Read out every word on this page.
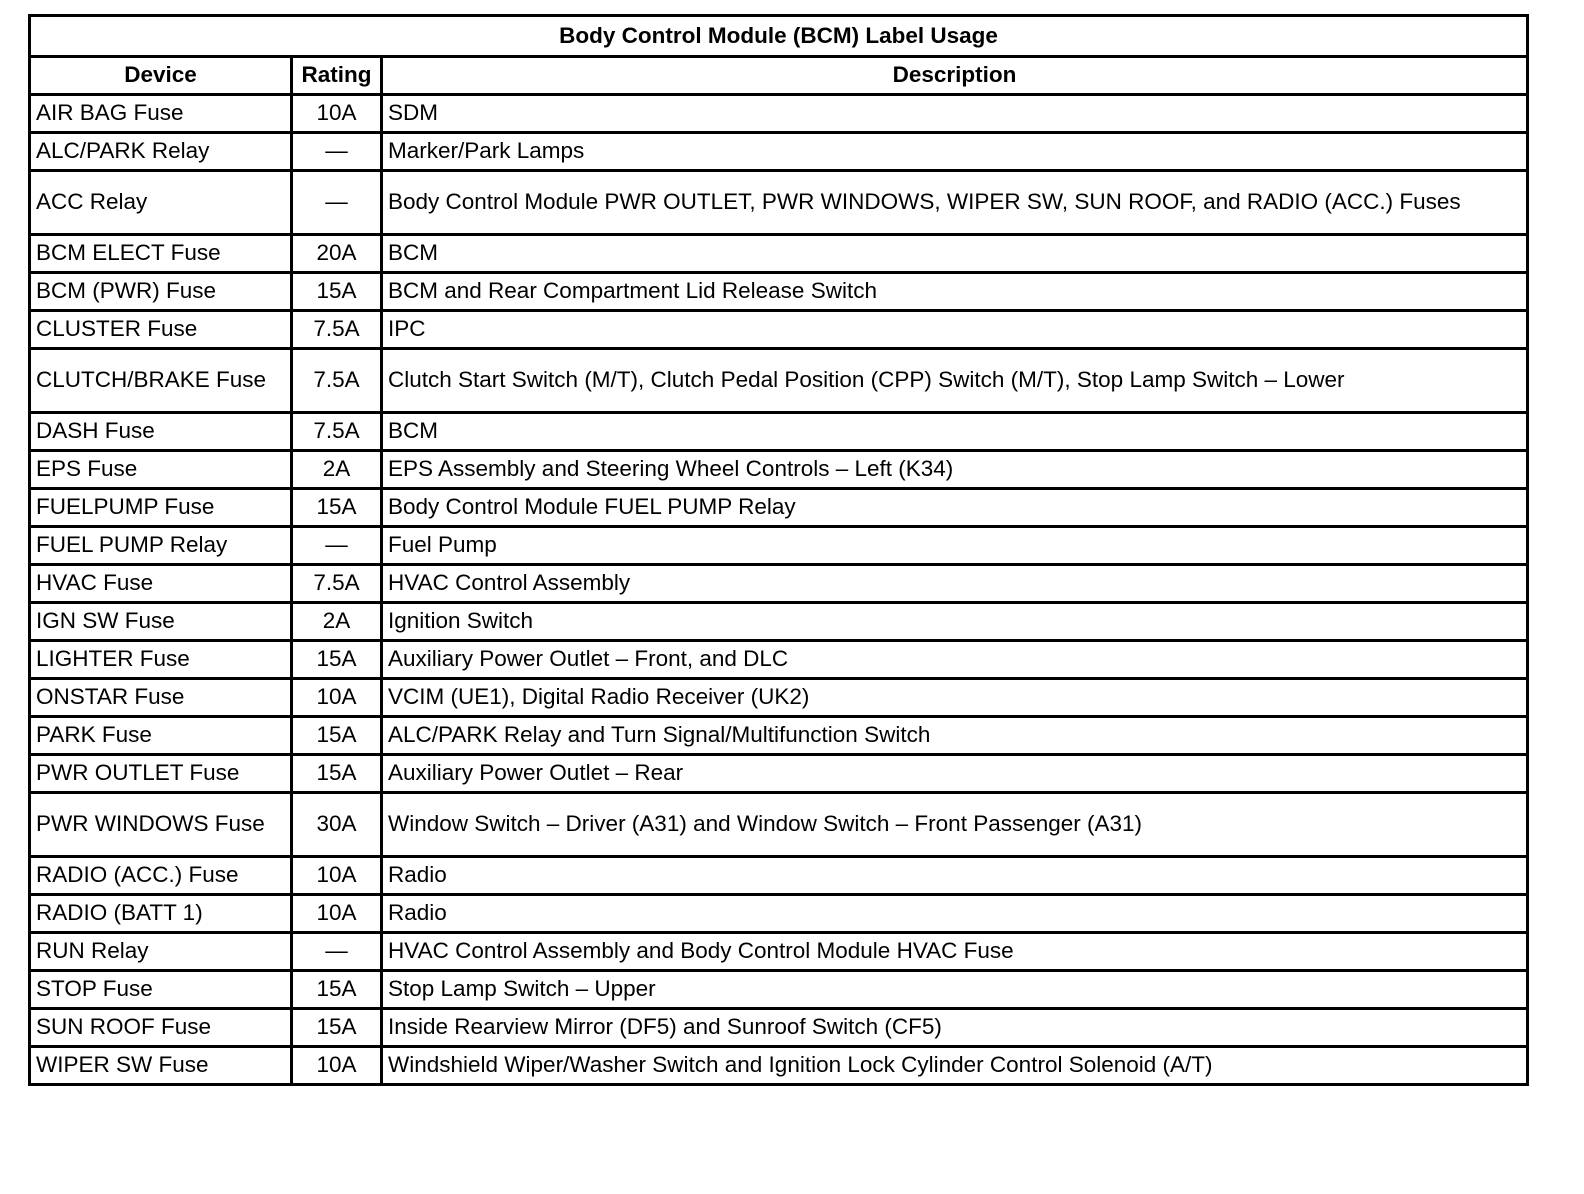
Body Control Module (BCM) Label Usage		
Device	Rating	Description
AIR BAG Fuse	10A	SDM
ALC/PARK Relay	—	Marker/Park Lamps
ACC Relay	—	Body Control Module PWR OUTLET, PWR WINDOWS, WIPER SW, SUN ROOF, and RADIO (ACC.) Fuses
BCM ELECT Fuse	20A	BCM
BCM (PWR) Fuse	15A	BCM and Rear Compartment Lid Release Switch
CLUSTER Fuse	7.5A	IPC
CLUTCH/BRAKE Fuse	7.5A	Clutch Start Switch (M/T), Clutch Pedal Position (CPP) Switch (M/T), Stop Lamp Switch – Lower
DASH Fuse	7.5A	BCM
EPS Fuse	2A	EPS Assembly and Steering Wheel Controls – Left (K34)
FUELPUMP Fuse	15A	Body Control Module FUEL PUMP Relay
FUEL PUMP Relay	—	Fuel Pump
HVAC Fuse	7.5A	HVAC Control Assembly
IGN SW Fuse	2A	Ignition Switch
LIGHTER Fuse	15A	Auxiliary Power Outlet – Front, and DLC
ONSTAR Fuse	10A	VCIM (UE1), Digital Radio Receiver (UK2)
PARK Fuse	15A	ALC/PARK Relay and Turn Signal/Multifunction Switch
PWR OUTLET Fuse	15A	Auxiliary Power Outlet – Rear
PWR WINDOWS Fuse	30A	Window Switch – Driver (A31) and Window Switch – Front Passenger (A31)
RADIO (ACC.) Fuse	10A	Radio
RADIO (BATT 1)	10A	Radio
RUN Relay	—	HVAC Control Assembly and Body Control Module HVAC Fuse
STOP Fuse	15A	Stop Lamp Switch – Upper
SUN ROOF Fuse	15A	Inside Rearview Mirror (DF5) and Sunroof Switch (CF5)
WIPER SW Fuse	10A	Windshield Wiper/Washer Switch and Ignition Lock Cylinder Control Solenoid (A/T)
